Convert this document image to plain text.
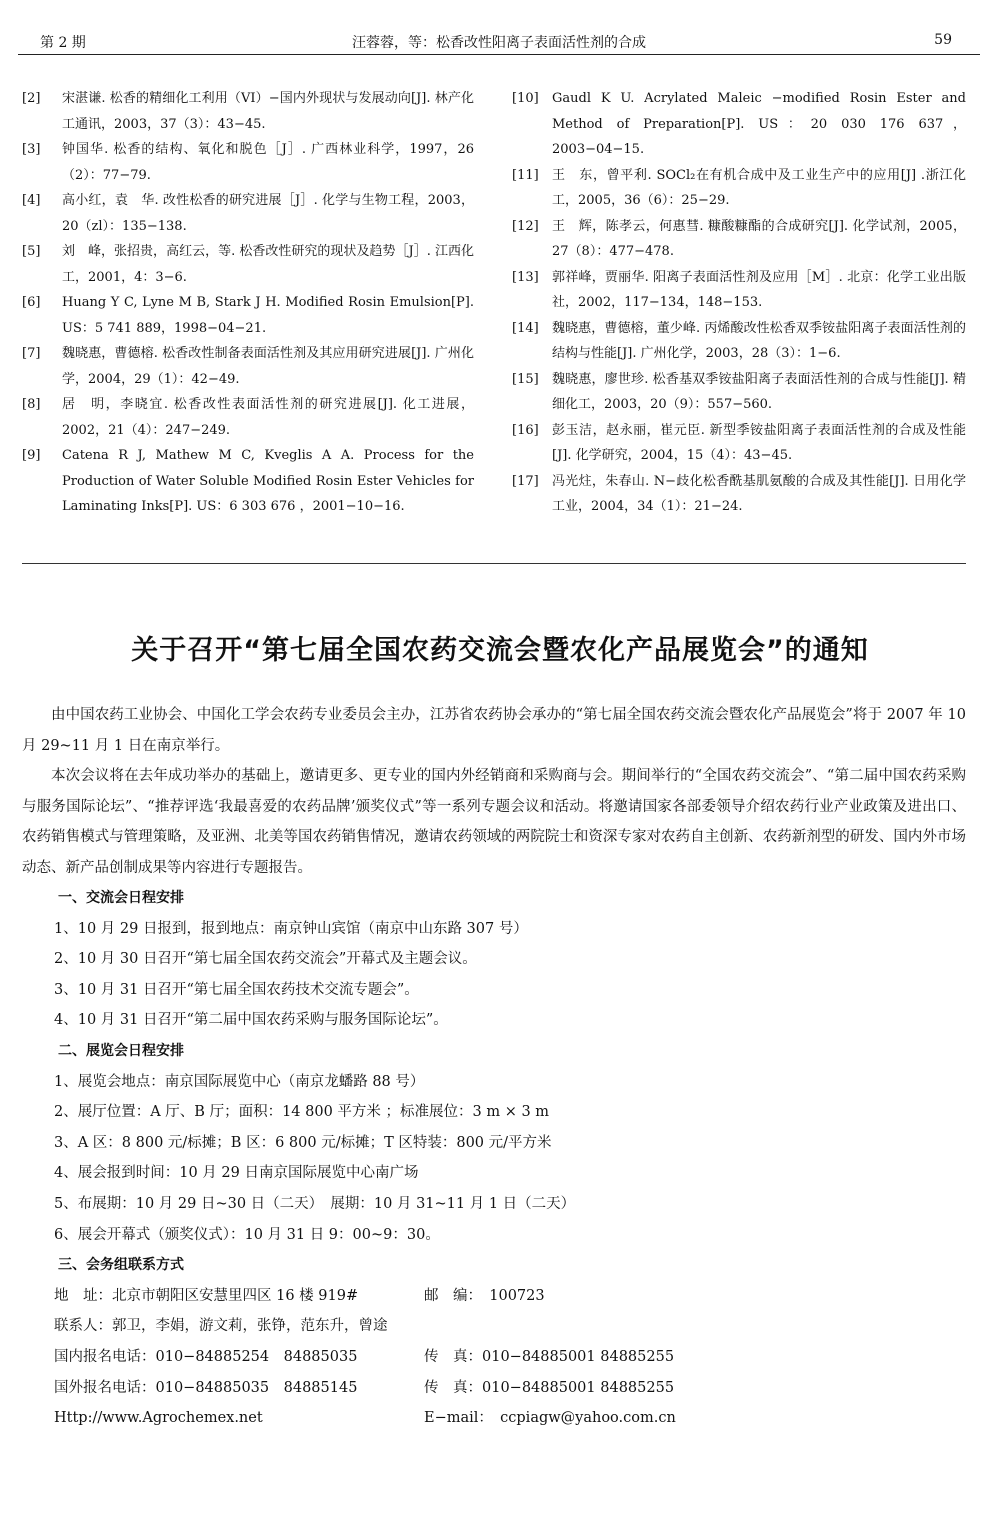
第 2 期	汪蓉蓉，等：松香改性阳离子表面活性剂的合成	59
[2] 宋湛谦. 松香的精细化工利用（VI）−国内外现状与发展动向[J]. 林产化工通讯，2003，37（3）：43−45.
[3] 钟国华. 松香的结构、氧化和脱色［J］. 广西林业科学，1997，26（2）：77−79.
[4] 高小红，袁　华. 改性松香的研究进展［J］. 化学与生物工程，2003，20（zl）：135−138.
[5] 刘　峰，张招贵，高红云，等. 松香改性研究的现状及趋势［J］. 江西化工，2001，4：3−6.
[6] Huang Y C, Lyne M B, Stark J H. Modified Rosin Emulsion[P]. US：5 741 889，1998−04−21.
[7] 魏晓惠，曹德榕. 松香改性制备表面活性剂及其应用研究进展[J]. 广州化学，2004，29（1）：42−49.
[8] 居　明，李晓宜. 松香改性表面活性剂的研究进展[J]. 化工进展，2002，21（4）：247−249.
[9] Catena R J, Mathew M C, Kveglis A A. Process for the Production of Water Soluble Modified Rosin Ester Vehicles for Laminating Inks[P]. US：6 303 676 ，2001−10−16.
[10] Gaudl K U. Acrylated Maleic −modified Rosin Ester and Method of Preparation[P]. US：20 030 176 637，2003−04−15.
[11] 王　东，曾平利. SOCl₂在有机合成中及工业生产中的应用[J] .浙江化工，2005，36（6）：25−29.
[12] 王　辉，陈孝云，何惠彗. 糠酸糠酯的合成研究[J]. 化学试剂，2005，27（8）：477−478.
[13] 郭祥峰，贾丽华. 阳离子表面活性剂及应用［M］. 北京：化学工业出版社，2002，117−134，148−153.
[14] 魏晓惠，曹德榕，董少峰. 丙烯酸改性松香双季铵盐阳离子表面活性剂的结构与性能[J]. 广州化学，2003，28（3）：1−6.
[15] 魏晓惠，廖世珍. 松香基双季铵盐阳离子表面活性剂的合成与性能[J]. 精细化工，2003，20（9）：557−560.
[16] 彭玉洁，赵永丽，崔元臣. 新型季铵盐阳离子表面活性剂的合成及性能[J]. 化学研究，2004，15（4）：43−45.
[17] 冯光炷，朱春山. N−歧化松香酰基肌氨酸的合成及其性能[J]. 日用化学工业，2004，34（1）：21−24.
关于召开“第七届全国农药交流会暨农化产品展览会”的通知

由中国农药工业协会、中国化工学会农药专业委员会主办，江苏省农药协会承办的“第七届全国农药交流会暨农化产品展览会”将于 2007 年 10 月 29~11 月 1 日在南京举行。

本次会议将在去年成功举办的基础上，邀请更多、更专业的国内外经销商和采购商与会。期间举行的“全国农药交流会”、“第二届中国农药采购与服务国际论坛”、“推荐评选‘我最喜爱的农药品牌’颁奖仪式”等一系列专题会议和活动。将邀请国家各部委领导介绍农药行业产业政策及进出口、农药销售模式与管理策略，及亚洲、北美等国农药销售情况，邀请农药领域的两院院士和资深专家对农药自主创新、农药新剂型的研发、国内外市场动态、新产品创制成果等内容进行专题报告。

一、交流会日程安排
1、10 月 29 日报到，报到地点：南京钟山宾馆（南京中山东路 307 号）
2、10 月 30 日召开“第七届全国农药交流会”开幕式及主题会议。
3、10 月 31 日召开“第七届全国农药技术交流专题会”。
4、10 月 31 日召开“第二届中国农药采购与服务国际论坛”。
二、展览会日程安排
1、展览会地点：南京国际展览中心（南京龙蟠路 88 号）
2、展厅位置：A 厅、B 厅；面积：14 800 平方米 ；标准展位：3 m × 3 m
3、A 区：8 800 元/标摊；B 区：6 800 元/标摊；T 区特装：800 元/平方米
4、展会报到时间：10 月 29 日南京国际展览中心南广场
5、布展期：10 月 29 日~30 日（二天）　展期：10 月 31~11 月 1 日（二天）
6、展会开幕式（颁奖仪式）：10 月 31 日 9：00~9：30。
三、会务组联系方式
地　址：北京市朝阳区安慧里四区 16 楼 919#	邮　编：　100723
联系人：郭卫，李娟，游文莉，张铮，范东升，曾途
国内报名电话：010−84885254　84885035	传　真：010−84885001 84885255
国外报名电话：010−84885035　84885145	传　真：010−84885001 84885255
Http://www.Agrochemex.net	E−mail：　ccpiagw@yahoo.com.cn
